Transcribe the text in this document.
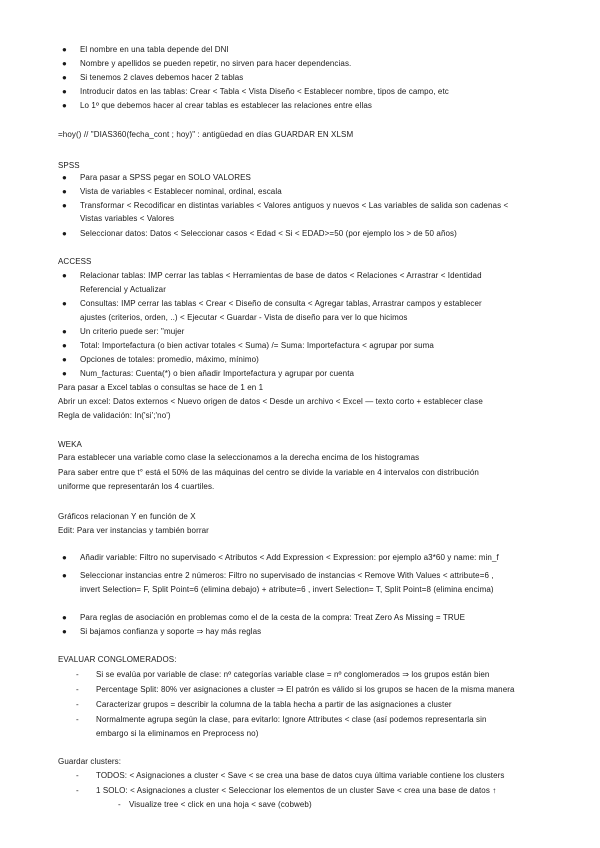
●	El nombre en una tabla depende del DNI
●	Nombre y apellidos se pueden repetir, no sirven para hacer dependencias.
●	Si tenemos 2 claves debemos hacer 2 tablas
●	Introducir datos en las tablas: Crear < Tabla < Vista Diseño < Establecer nombre, tipos de campo, etc
●	Lo 1º que debemos hacer al crear tablas es establecer las relaciones entre ellas
=hoy() // "DIAS360(fecha_cont ; hoy)" : antigüedad en días GUARDAR EN XLSM
SPSS
●	Para pasar a SPSS pegar en SOLO VALORES
●	Vista de variables < Establecer nominal, ordinal, escala
●	Transformar < Recodificar en distintas variables < Valores antiguos y nuevos < Las variables de salida son cadenas <
Vistas variables < Valores
●	Seleccionar datos: Datos < Seleccionar casos < Edad < Si < EDAD>=50 (por ejemplo los > de 50 años)
ACCESS
●	Relacionar tablas: IMP cerrar las tablas < Herramientas de base de datos < Relaciones < Arrastrar < Identidad
Referencial y Actualizar
●	Consultas: IMP cerrar las tablas < Crear < Diseño de consulta < Agregar tablas, Arrastrar campos y establecer
ajustes (criterios, orden, ..) < Ejecutar < Guardar - Vista de diseño para ver lo que hicimos
●	Un criterio puede ser: "mujer
●	Total: Importefactura (o bien activar totales < Suma) /= Suma: Importefactura < agrupar por suma
●	Opciones de totales: promedio, máximo, mínimo)
●	Num_facturas: Cuenta(*) o bien añadir Importefactura y agrupar por cuenta
Para pasar a Excel tablas o consultas se hace de 1 en 1
Abrir un excel: Datos externos < Nuevo origen de datos < Desde un archivo < Excel — texto corto + establecer clase
Regla de validación: In('si';'no')
WEKA
Para establecer una variable como clase la seleccionamos a la derecha encima de los histogramas
Para saber entre que t° está el 50% de las máquinas del centro se divide la variable en 4 intervalos con distribución
uniforme que representarán los 4 cuartiles.
Gráficos relacionan Y en función de X
Edit: Para ver instancias y también borrar
●	Añadir variable: Filtro no supervisado < Atributos < Add Expression < Expression: por ejemplo a3*60 y name: min_f
●	Seleccionar instancias entre 2 números: Filtro no supervisado de instancias < Remove With Values < attribute=6 ,
invert Selection= F, Split Point=6 (elimina debajo) + atribute=6 , invert Selection= T, Split Point=8 (elimina encima)
●	Para reglas de asociación en problemas como el de la cesta de la compra: Treat Zero As Missing = TRUE
●	Si bajamos confianza y soporte ⇒ hay más reglas
EVALUAR CONGLOMERADOS:
-	Si se evalúa por variable de clase: nº categorías variable clase = nº conglomerados ⇒ los grupos están bien
-	Percentage Split: 80% ver asignaciones a cluster ⇒ El patrón es válido si los grupos se hacen de la misma manera
-	Caracterizar grupos = describir la columna de la tabla hecha a partir de las asignaciones a cluster
-	Normalmente agrupa según la clase, para evitarlo: Ignore Attributes < clase (así podemos representarla sin
embargo si la eliminamos en Preprocess no)
Guardar clusters:
-	TODOS: < Asignaciones a cluster < Save < se crea una base de datos cuya última variable contiene los clusters
-	1 SOLO: < Asignaciones a cluster < Seleccionar los elementos de un cluster Save < crea una base de datos ↑
-	Visualize tree < click en una hoja < save (cobweb)
